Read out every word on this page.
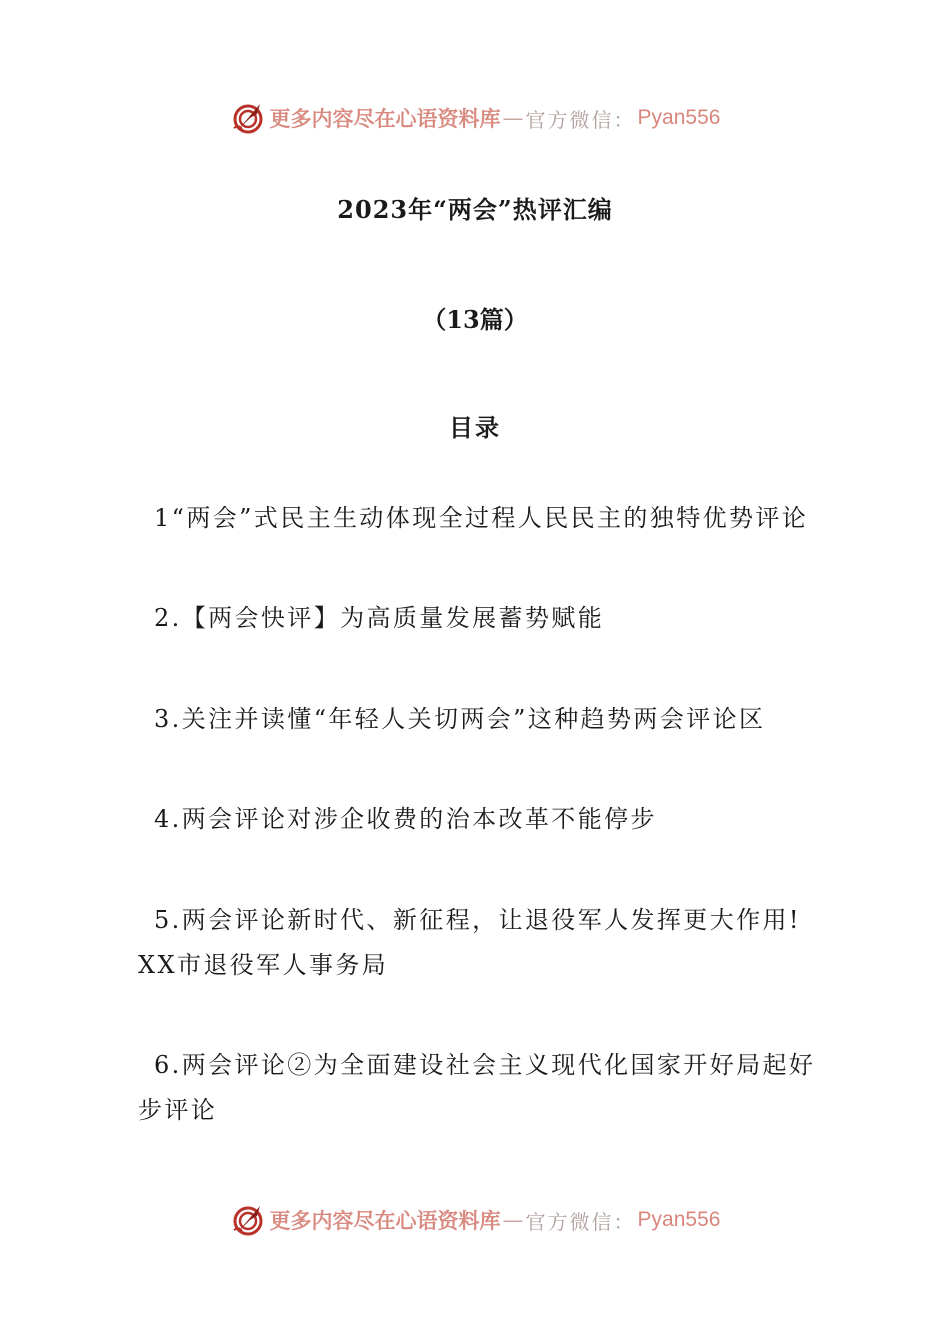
更多内容尽在心语资料库 — 官方微信： Pyan556
2023年“两会”热评汇编
（13篇）
目录
1“两会”式民主生动体现全过程人民民主的独特优势评论
2.【两会快评】为高质量发展蓄势赋能
3.关注并读懂“年轻人关切两会”这种趋势两会评论区
4.两会评论对涉企收费的治本改革不能停步
5.两会评论新时代、新征程，让退役军人发挥更大作用!XX市退役军人事务局
6.两会评论②为全面建设社会主义现代化国家开好局起好步评论
更多内容尽在心语资料库 — 官方微信： Pyan556
